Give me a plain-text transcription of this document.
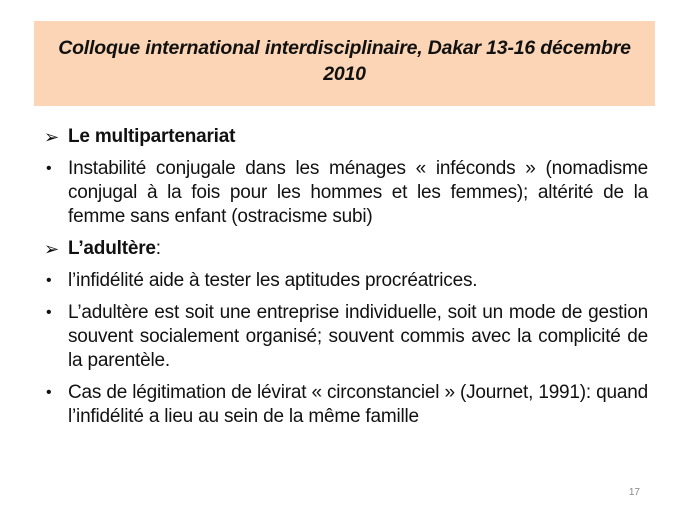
Colloque international interdisciplinaire, Dakar 13-16 décembre 2010
➢ Le multipartenariat
• Instabilité conjugale dans les ménages « inféconds » (nomadisme conjugal à la fois pour les hommes et les femmes); altérité de la femme sans enfant (ostracisme subi)
➢ L’adultère:
• l’infidélité aide à tester les aptitudes procréatrices.
• L’adultère est soit une entreprise individuelle, soit un mode de gestion souvent socialement organisé; souvent commis avec la complicité de la parentèle.
• Cas de légitimation de lévirat « circonstanciel » (Journet, 1991): quand l’infidélité a lieu au sein de la même famille
17
